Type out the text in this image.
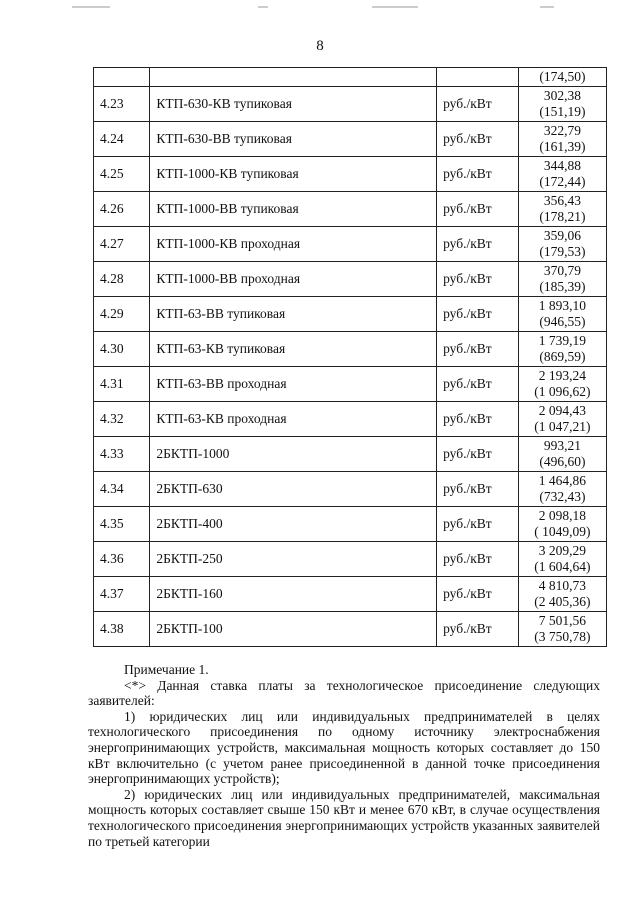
8
			(174,50)
4.23	КТП-630-КВ тупиковая	руб./кВт	302,38
(151,19)

4.24	КТП-630-ВВ тупиковая	руб./кВт	322,79
(161,39)

4.25	КТП-1000-КВ тупиковая	руб./кВт	344,88
(172,44)

4.26	КТП-1000-ВВ тупиковая	руб./кВт	356,43
(178,21)

4.27	КТП-1000-КВ проходная	руб./кВт	359,06
(179,53)

4.28	КТП-1000-ВВ проходная	руб./кВт	370,79
(185,39)

4.29	КТП-63-ВВ тупиковая	руб./кВт	1 893,10
(946,55)

4.30	КТП-63-КВ тупиковая	руб./кВт	1 739,19
(869,59)

4.31	КТП-63-ВВ проходная	руб./кВт	2 193,24
(1 096,62)

4.32	КТП-63-КВ проходная	руб./кВт	2 094,43
(1 047,21)

4.33	2БКТП-1000	руб./кВт	993,21
(496,60)

4.34	2БКТП-630	руб./кВт	1 464,86
(732,43)

4.35	2БКТП-400	руб./кВт	2 098,18
( 1049,09)

4.36	2БКТП-250	руб./кВт	3 209,29
(1 604,64)

4.37	2БКТП-160	руб./кВт	4 810,73
(2 405,36)

4.38	2БКТП-100	руб./кВт	7 501,56
(3 750,78)

Примечание 1.

<*> Данная ставка платы за технологическое присоединение следующих заявителей:

1) юридических лиц или индивидуальных предпринимателей в целях технологического присоединения по одному источнику электроснабжения энергопринимающих устройств, максимальная мощность которых составляет до 150 кВт включительно (с учетом ранее присоединенной в данной точке присоединения энергопринимающих устройств);

2) юридических лиц или индивидуальных предпринимателей, максимальная мощность которых составляет свыше 150 кВт и менее 670 кВт, в случае осуществления технологического присоединения энергопринимающих устройств указанных заявителей по третьей категории
